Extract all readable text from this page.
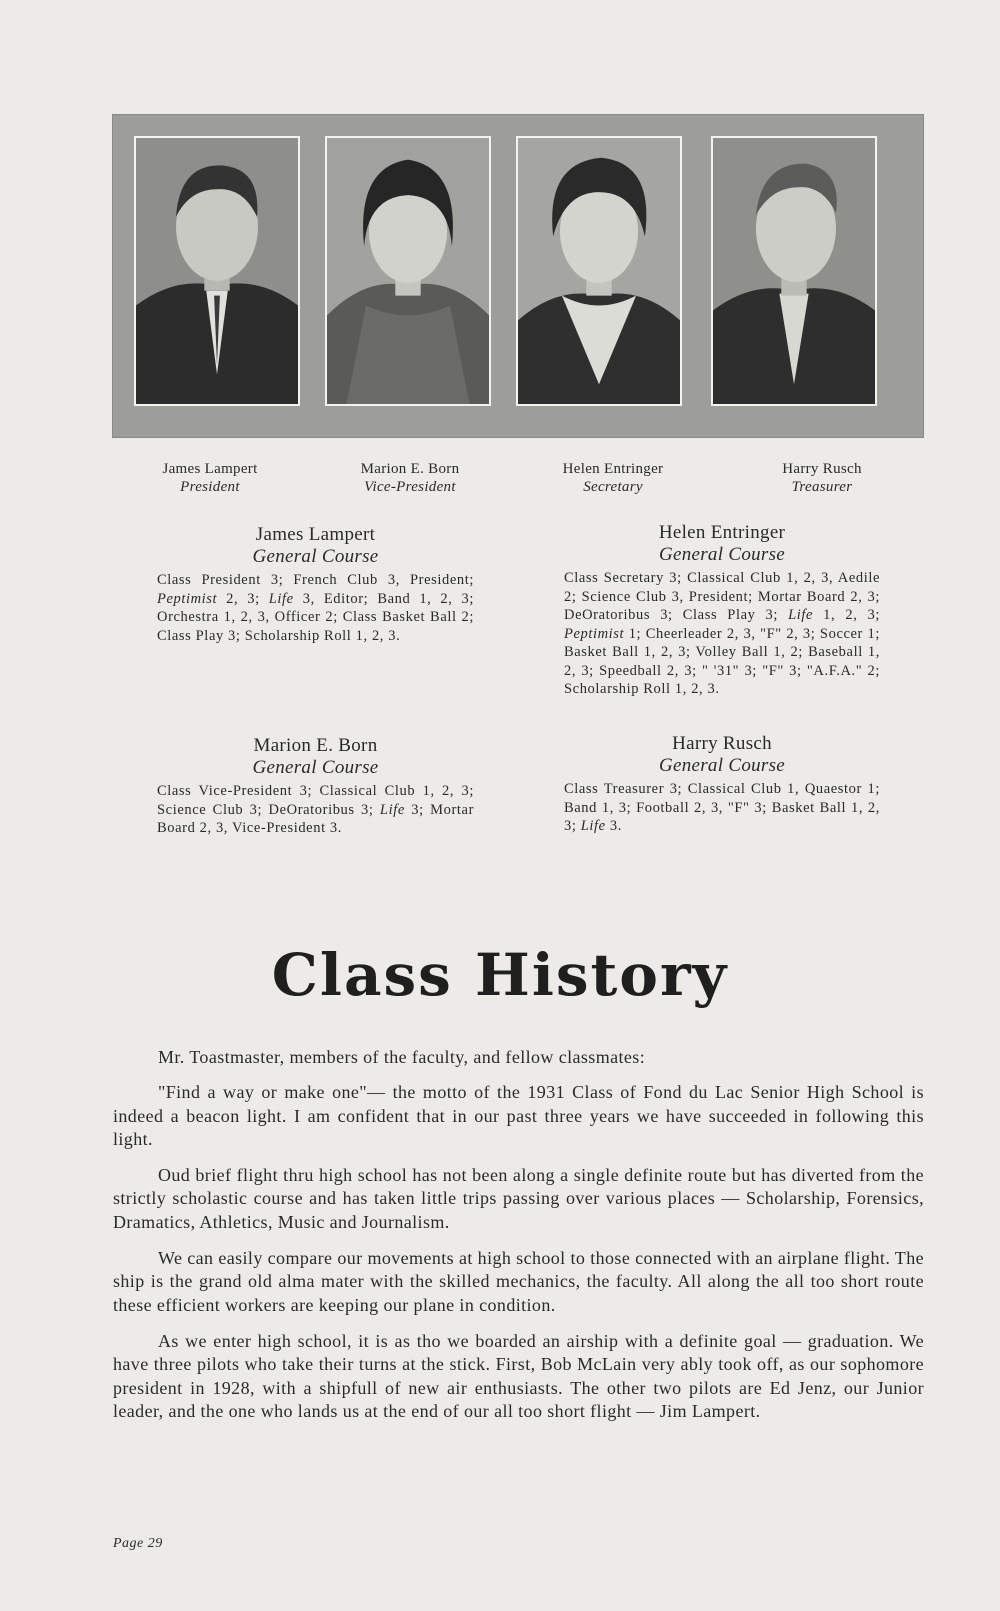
James Lampert
President
Marion E. Born
Vice-President
Helen Entringer
Secretary
Harry Rusch
Treasurer
James Lampert
General Course
Class President 3; French Club 3, President; Peptimist 2, 3; Life 3, Editor; Band 1, 2, 3; Orchestra 1, 2, 3, Officer 2; Class Basket Ball 2; Class Play 3; Scholarship Roll 1, 2, 3.
Helen Entringer
General Course
Class Secretary 3; Classical Club 1, 2, 3, Aedile 2; Science Club 3, President; Mortar Board 2, 3; DeOratoribus 3; Class Play 3; Life 1, 2, 3; Peptimist 1; Cheerleader 2, 3, "F" 2, 3; Soccer 1; Basket Ball 1, 2, 3; Volley Ball 1, 2; Baseball 1, 2, 3; Speedball 2, 3; " '31" 3; "F" 3; "A.F.A." 2; Scholarship Roll 1, 2, 3.
Marion E. Born
General Course
Class Vice-President 3; Classical Club 1, 2, 3; Science Club 3; DeOratoribus 3; Life 3; Mortar Board 2, 3, Vice-President 3.
Harry Rusch
General Course
Class Treasurer 3; Classical Club 1, Quaestor 1; Band 1, 3; Football 2, 3, "F" 3; Basket Ball 1, 2, 3; Life 3.
Class History

Mr. Toastmaster, members of the faculty, and fellow classmates:

"Find a way or make one"— the motto of the 1931 Class of Fond du Lac Senior High School is indeed a beacon light. I am confident that in our past three years we have succeeded in following this light.

Oud brief flight thru high school has not been along a single definite route but has diverted from the strictly scholastic course and has taken little trips passing over various places — Scholarship, Forensics, Dramatics, Athletics, Music and Journalism.

We can easily compare our movements at high school to those connected with an airplane flight. The ship is the grand old alma mater with the skilled mechanics, the faculty. All along the all too short route these efficient workers are keeping our plane in condition.

As we enter high school, it is as tho we boarded an airship with a definite goal — graduation. We have three pilots who take their turns at the stick. First, Bob McLain very ably took off, as our sophomore president in 1928, with a shipfull of new air enthusiasts. The other two pilots are Ed Jenz, our Junior leader, and the one who lands us at the end of our all too short flight — Jim Lampert.

Page 29
